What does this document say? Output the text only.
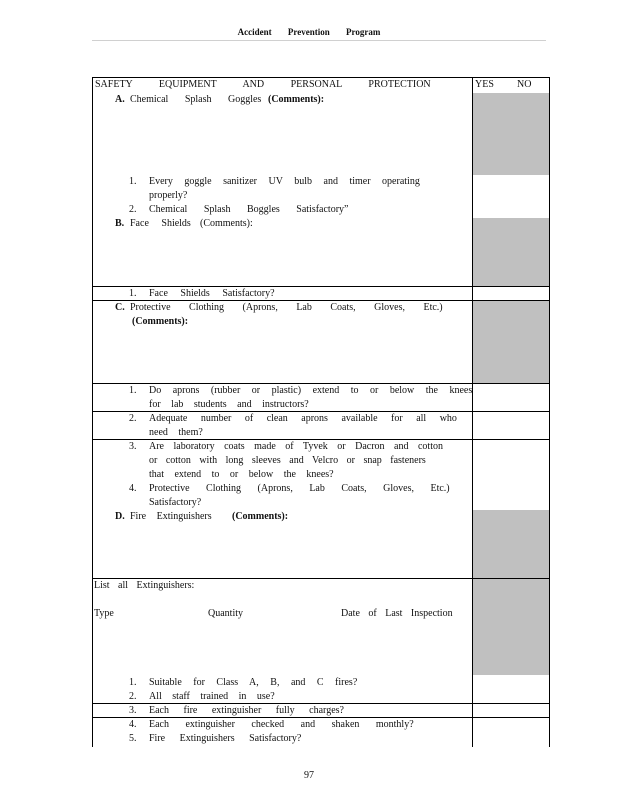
Accident Prevention Program
SAFETY EQUIPMENT AND PERSONAL PROTECTION	YES NO
A. Chemical Splash Goggles (Comments):
1. Every goggle sanitizer UV bulb and timer operating
properly?
2. Chemical Splash Boggles Satisfactory”
B. Face Shields (Comments):
1. Face Shields Satisfactory?
C. Protective Clothing (Aprons, Lab Coats, Gloves, Etc.)
(Comments):
1. Do aprons (rubber or plastic) extend to or below the knees
for lab students and instructors?
2. Adequate number of clean aprons available for all who
need them?
3. Are laboratory coats made of Tyvek or Dacron and cotton
or cotton with long sleeves and Velcro or snap fasteners
that extend to or below the knees?
4. Protective Clothing (Aprons, Lab Coats, Gloves, Etc.)
Satisfactory?
D. Fire Extinguishers (Comments):
List all Extinguishers:
Type	Quantity	Date of Last Inspection
1. Suitable for Class A, B, and C fires?
2. All staff trained in use?
3. Each fire extinguisher fully charges?
4. Each extinguisher checked and shaken monthly?
5. Fire Extinguishers Satisfactory?
97
